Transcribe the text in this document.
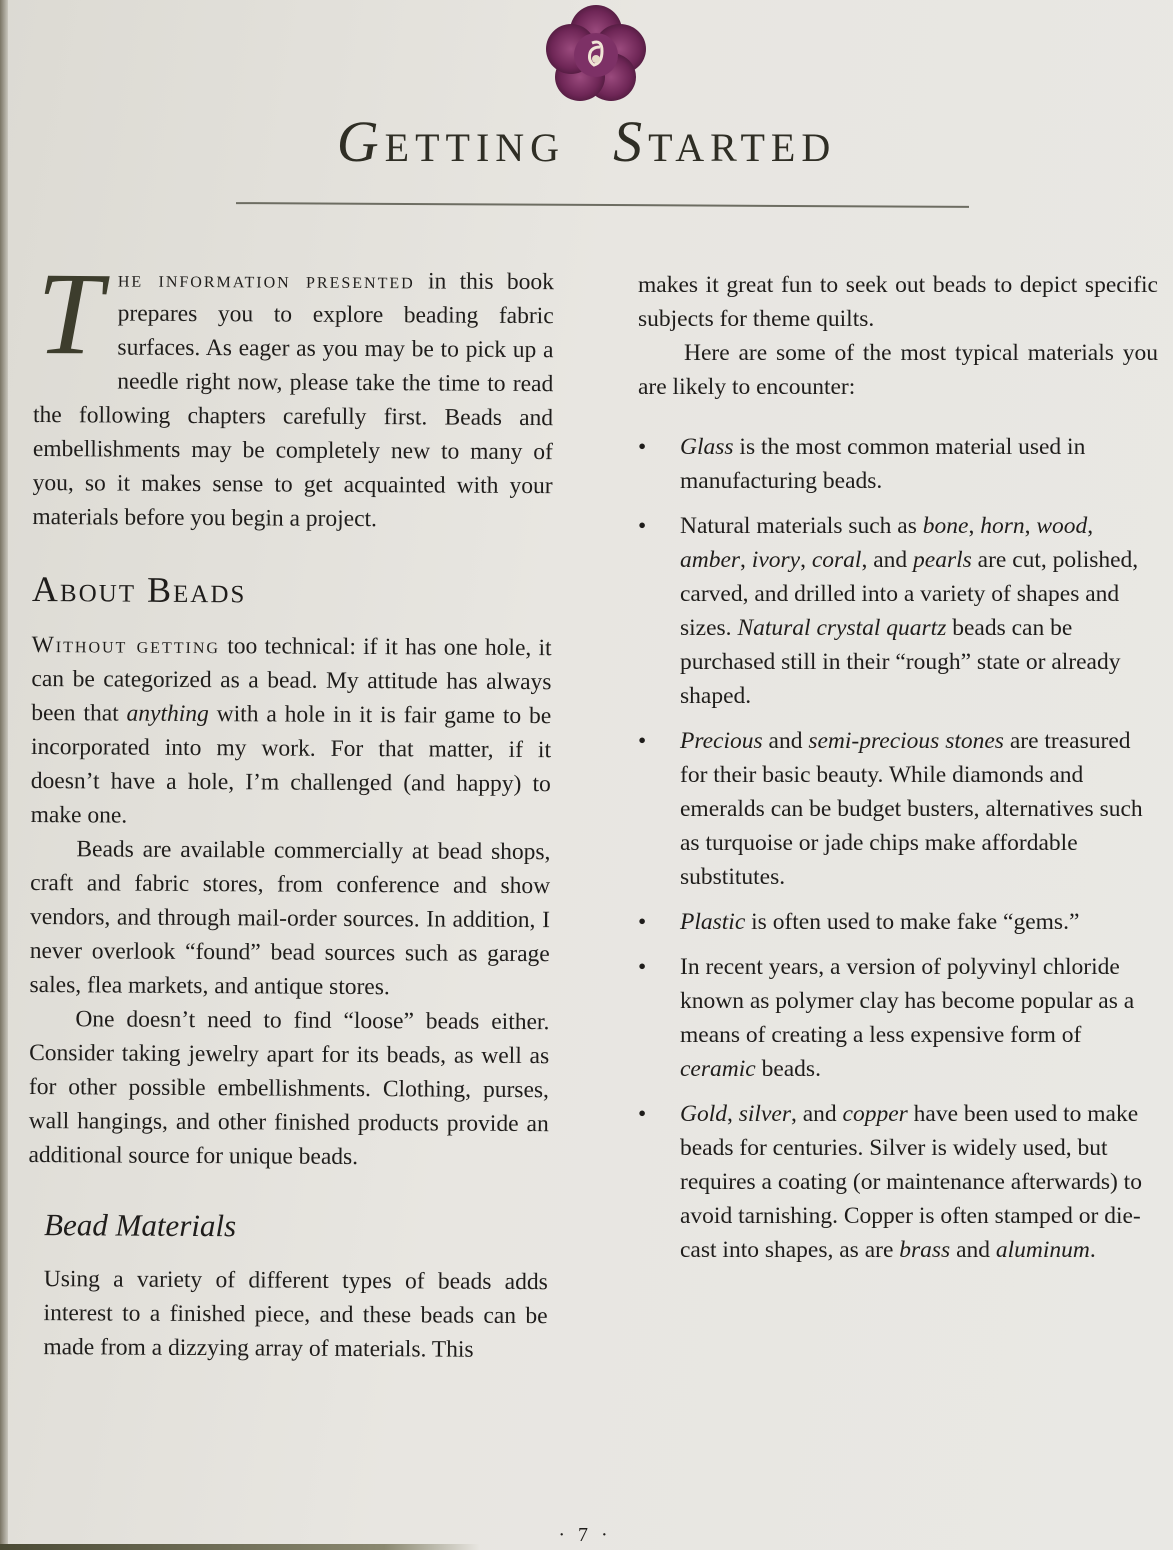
GETTING STARTED

The information presented in this book prepares you to explore beading fabric surfaces. As eager as you may be to pick up a needle right now, please take the time to read the following chapters carefully first. Beads and embellishments may be completely new to many of you, so it makes sense to get acquainted with your materials before you begin a project.

About Beads

Without getting too technical: if it has one hole, it can be categorized as a bead. My attitude has always been that anything with a hole in it is fair game to be incorporated into my work. For that matter, if it doesn’t have a hole, I’m challenged (and happy) to make one.

Beads are available commercially at bead shops, craft and fabric stores, from conference and show vendors, and through mail-order sources. In addition, I never overlook “found” bead sources such as garage sales, flea markets, and antique stores.

One doesn’t need to find “loose” beads either. Consider taking jewelry apart for its beads, as well as for other possible embellishments. Clothing, purses, wall hangings, and other finished products provide an additional source for unique beads.

Bead Materials

Using a variety of different types of beads adds interest to a finished piece, and these beads can be made from a dizzying array of materials. This

makes it great fun to seek out beads to depict specific subjects for theme quilts.

Here are some of the most typical materials you are likely to encounter:

• Glass is the most common material used in manufacturing beads.
• Natural materials such as bone, horn, wood, amber, ivory, coral, and pearls are cut, polished, carved, and drilled into a variety of shapes and sizes. Natural crystal quartz beads can be purchased still in their “rough” state or already shaped.
• Precious and semi-precious stones are treasured for their basic beauty. While diamonds and emeralds can be budget busters, alternatives such as turquoise or jade chips make affordable substitutes.
• Plastic is often used to make fake “gems.”
• In recent years, a version of polyvinyl chloride known as polymer clay has become popular as a means of creating a less expensive form of ceramic beads.
• Gold, silver, and copper have been used to make beads for centuries. Silver is widely used, but requires a coating (or maintenance afterwards) to avoid tarnishing. Copper is often stamped or die-cast into shapes, as are brass and aluminum.
· 7 ·
